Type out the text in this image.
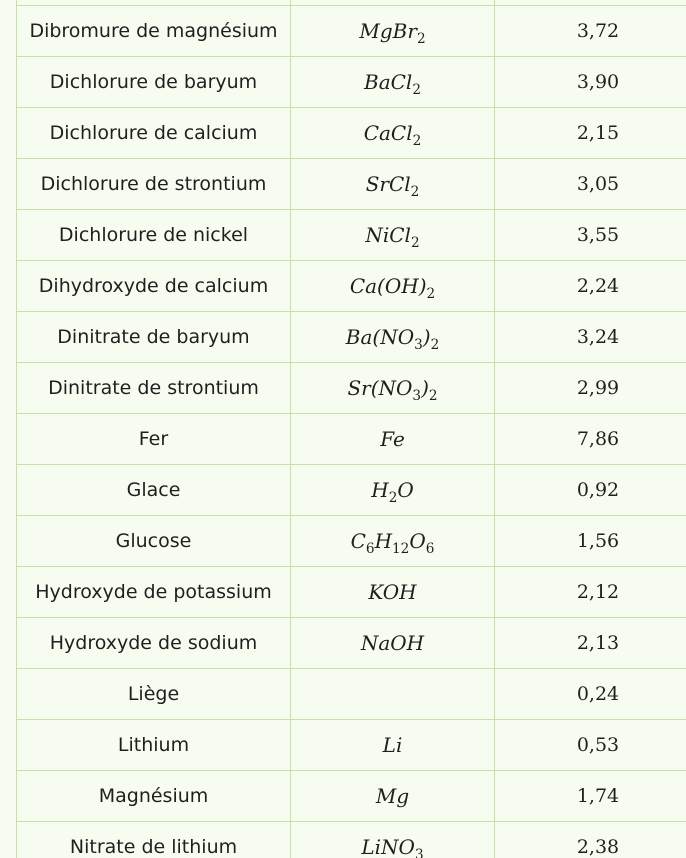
Dibromure de magnésium	MgBr$_2$	3,72
Dichlorure de baryum	BaCl$_2$	3,90
Dichlorure de calcium	CaCl$_2$	2,15
Dichlorure de strontium	SrCl$_2$	3,05
Dichlorure de nickel	NiCl$_2$	3,55
Dihydroxyde de calcium	$Ca(OH)_2$	2,24
Dinitrate de baryum	$Ba(NO_3)_2$	3,24
Dinitrate de strontium	$Sr(NO_3)_2$	2,99
Fer	Fe	7,86
Glace	$H_2O$	0,92
Glucose	$C_6H_{12}O_6$	1,56
Hydroxyde de potassium	KOH	2,12
Hydroxyde de sodium	NaOH	2,13
Liège		0,24
Lithium	Li	0,53
Magnésium	Mg	1,74
Nitrate de lithium	LiNO$_3$	2,38
